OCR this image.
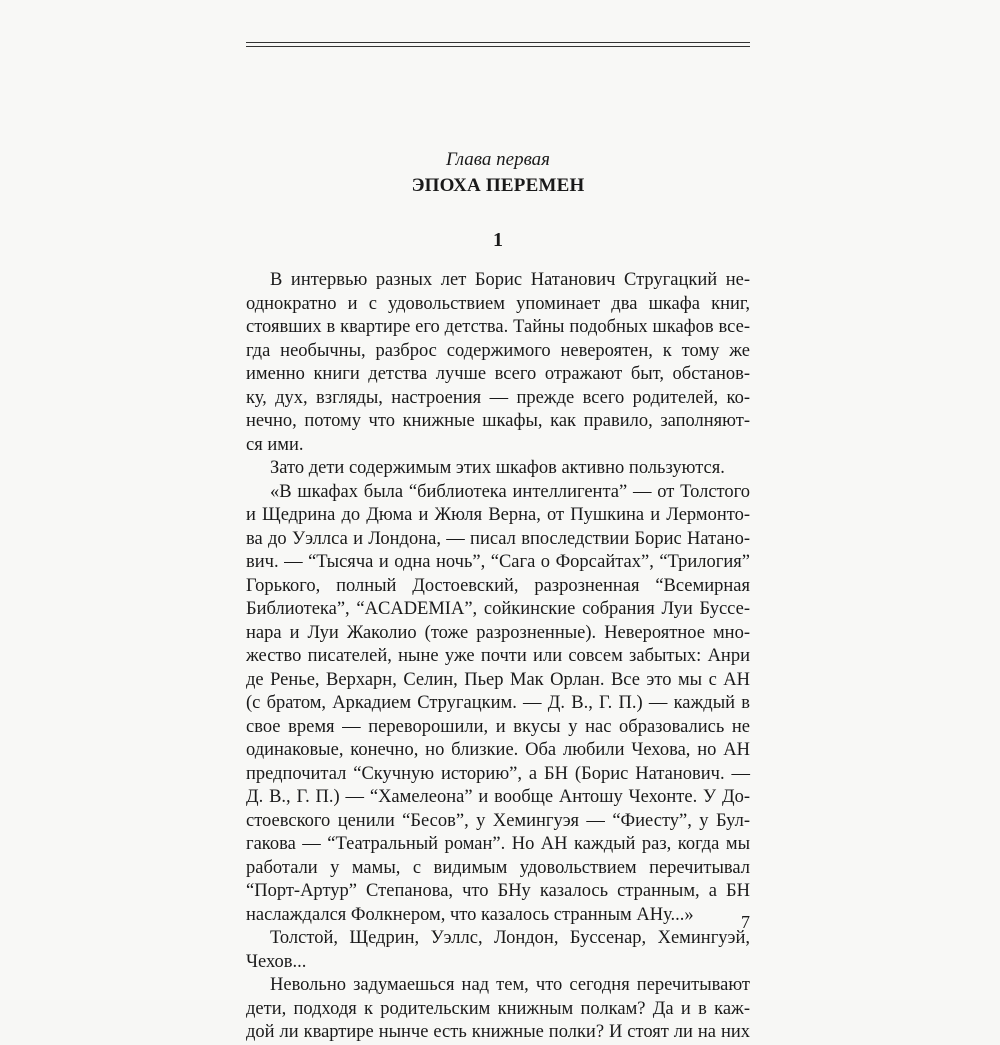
Глава первая
ЭПОХА ПЕРЕМЕН
1
В интервью разных лет Борис Натанович Стругацкий не-
однократно и с удовольствием упоминает два шкафа книг,
стоявших в квартире его детства. Тайны подобных шкафов все-
гда необычны, разброс содержимого невероятен, к тому же
именно книги детства лучше всего отражают быт, обстанов-
ку, дух, взгляды, настроения — прежде всего родителей, ко-
нечно, потому что книжные шкафы, как правило, заполняют-
ся ими.
Зато дети содержимым этих шкафов активно пользуются.
«В шкафах была “библиотека интеллигента” — от Толстого
и Щедрина до Дюма и Жюля Верна, от Пушкина и Лермонто-
ва до Уэллса и Лондона, — писал впоследствии Борис Натано-
вич. — “Тысяча и одна ночь”, “Сага о Форсайтах”, “Трилогия”
Горького, полный Достоевский, разрозненная “Всемирная
Библиотека”, “ACADEMIA”, сойкинские собрания Луи Буссе-
нара и Луи Жаколио (тоже разрозненные). Невероятное мно-
жество писателей, ныне уже почти или совсем забытых: Анри
де Ренье, Верхарн, Селин, Пьер Мак Орлан. Все это мы с АН
(с братом, Аркадием Стругацким. — Д. В., Г. П.) — каждый в
свое время — переворошили, и вкусы у нас образовались не
одинаковые, конечно, но близкие. Оба любили Чехова, но АН
предпочитал “Скучную историю”, а БН (Борис Натанович. —
Д. В., Г. П.) — “Хамелеона” и вообще Антошу Чехонте. У До-
стоевского ценили “Бесов”, у Хемингуэя — “Фиесту”, у Бул-
гакова — “Театральный роман”. Но АН каждый раз, когда мы
работали у мамы, с видимым удовольствием перечитывал
“Порт-Артур” Степанова, что БНу казалось странным, а БН
наслаждался Фолкнером, что казалось странным АНу...»
Толстой, Щедрин, Уэллс, Лондон, Буссенар, Хемингуэй,
Чехов...
Невольно задумаешься над тем, что сегодня перечитывают
дети, подходя к родительским книжным полкам? Да и в каж-
дой ли квартире нынче есть книжные полки? И стоят ли на них
7
